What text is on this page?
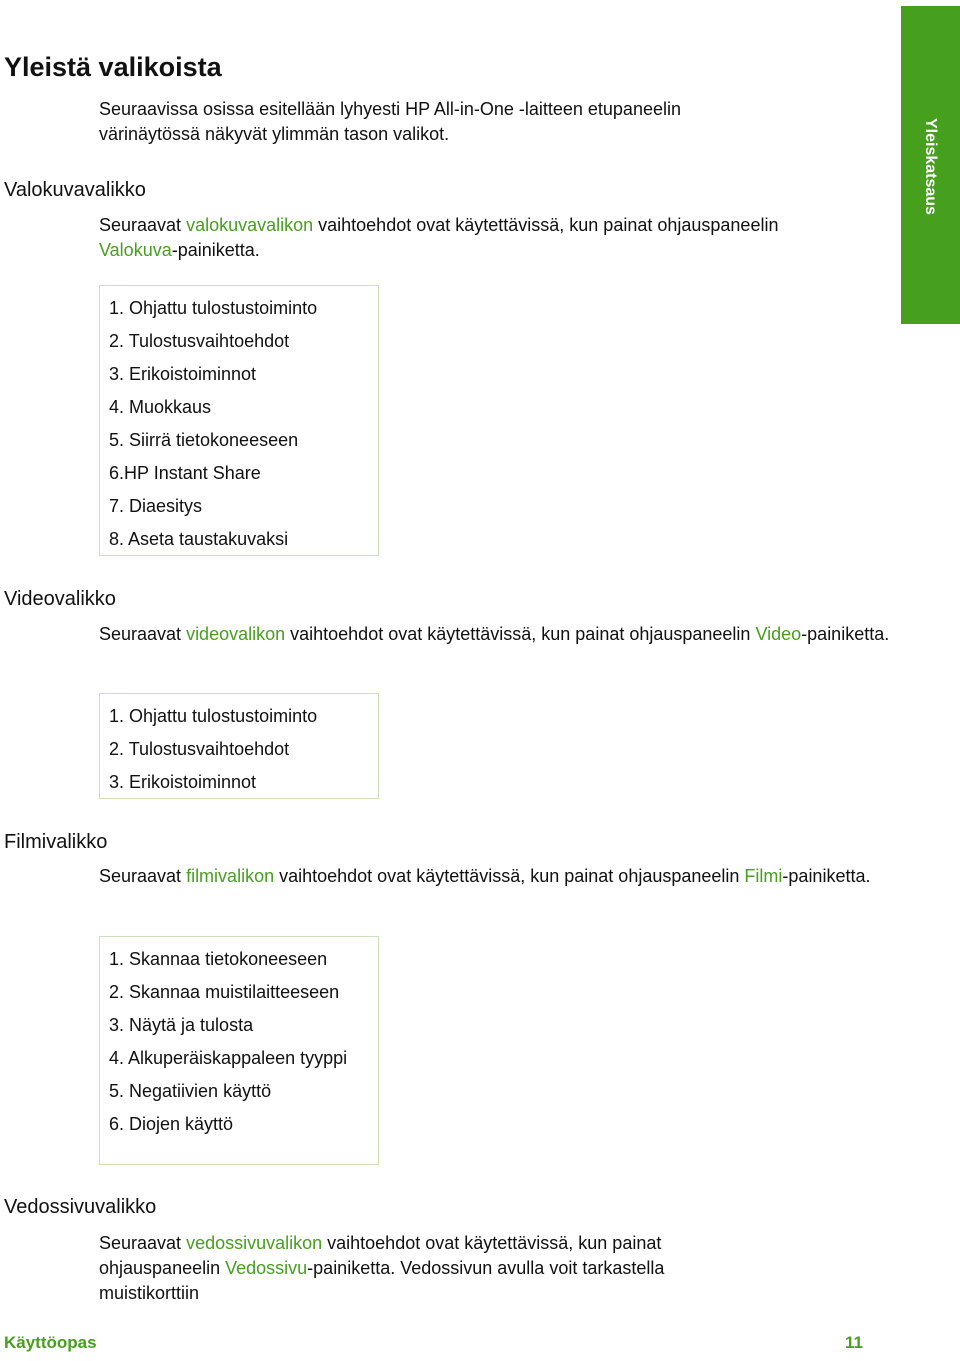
Yleistä valikoista

Seuraavissa osissa esitellään lyhyesti HP All-in-One -laitteen etupaneelin värinäytössä näkyvät ylimmän tason valikot.	Yleiskatsaus
Valokuvavalikko

Seuraavat valokuvavalikon vaihtoehdot ovat käytettävissä, kun painat ohjauspaneelin Valokuva-painiketta.

1. Ohjattu tulostustoiminto
2. Tulostusvaihtoehdot
3. Erikoistoiminnot
4. Muokkaus
5. Siirrä tietokoneeseen
6.HP Instant Share
7. Diaesitys
8. Aseta taustakuvaksi
Videovalikko

Seuraavat videovalikon vaihtoehdot ovat käytettävissä, kun painat ohjauspaneelin Video-painiketta.

1. Ohjattu tulostustoiminto
2. Tulostusvaihtoehdot
3. Erikoistoiminnot
Filmivalikko

Seuraavat filmivalikon vaihtoehdot ovat käytettävissä, kun painat ohjauspaneelin Filmi-painiketta.

1. Skannaa tietokoneeseen
2. Skannaa muistilaitteeseen
3. Näytä ja tulosta
4. Alkuperäiskappaleen tyyppi
5. Negatiivien käyttö
6. Diojen käyttö
Vedossivuvalikko

Seuraavat vedossivuvalikon vaihtoehdot ovat käytettävissä, kun painat ohjauspaneelin Vedossivu-painiketta. Vedossivun avulla voit tarkastella muistikorttiin

Käyttöopas	11
